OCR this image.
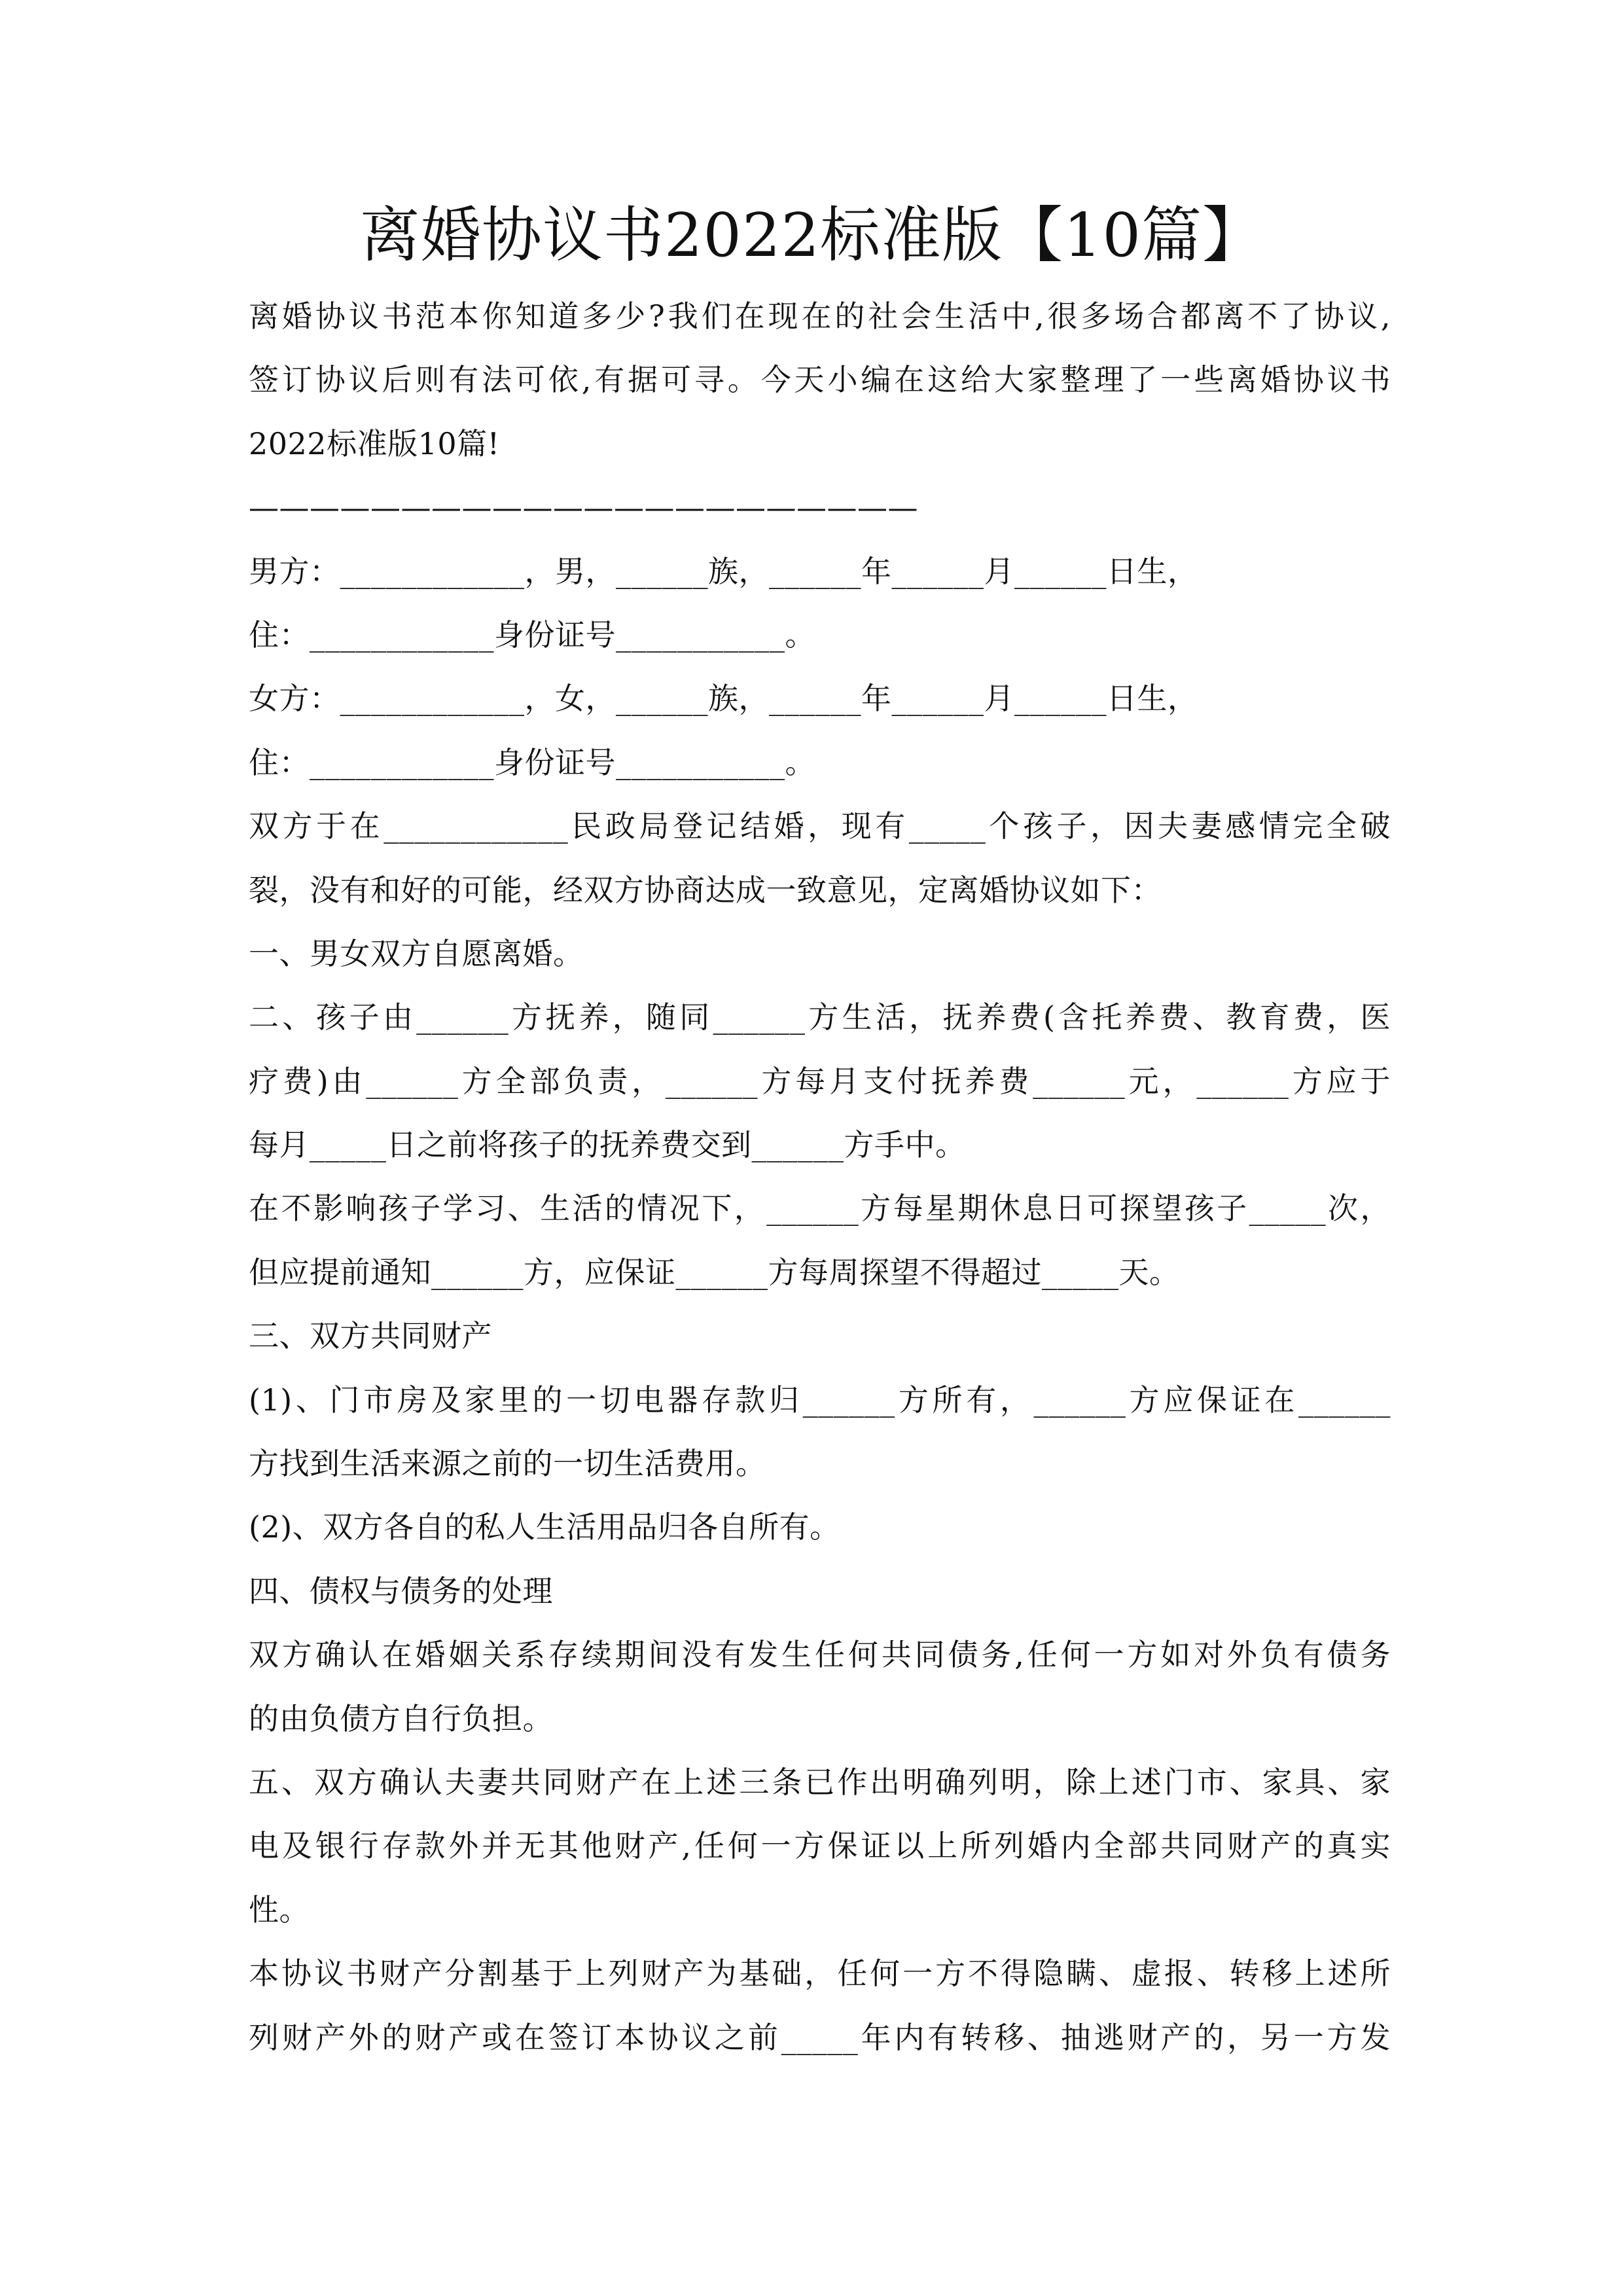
离婚协议书2022标准版【10篇】
离婚协议书范本你知道多少?我们在现在的社会生活中,很多场合都离不了协议,
签订协议后则有法可依,有据可寻。今天小编在这给大家整理了一些离婚协议书
2022标准版10篇!
——————————————————————
男方：____________，男，______族，______年______月______日生，
住：____________身份证号___________。
女方：____________，女，______族，______年______月______日生，
住：____________身份证号___________。
双方于在____________民政局登记结婚，现有_____个孩子，因夫妻感情完全破
裂，没有和好的可能，经双方协商达成一致意见，定离婚协议如下：
一、男女双方自愿离婚。
二、孩子由______方抚养，随同______方生活，抚养费(含托养费、教育费，医
疗费)由______方全部负责，______方每月支付抚养费______元，______方应于
每月_____日之前将孩子的抚养费交到______方手中。
在不影响孩子学习、生活的情况下，______方每星期休息日可探望孩子_____次，
但应提前通知______方，应保证______方每周探望不得超过_____天。
三、双方共同财产
(1)、门市房及家里的一切电器存款归______方所有，______方应保证在______
方找到生活来源之前的一切生活费用。
(2)、双方各自的私人生活用品归各自所有。
四、债权与债务的处理
双方确认在婚姻关系存续期间没有发生任何共同债务,任何一方如对外负有债务
的由负债方自行负担。
五、双方确认夫妻共同财产在上述三条已作出明确列明，除上述门市、家具、家
电及银行存款外并无其他财产,任何一方保证以上所列婚内全部共同财产的真实
性。
本协议书财产分割基于上列财产为基础，任何一方不得隐瞒、虚报、转移上述所
列财产外的财产或在签订本协议之前_____年内有转移、抽逃财产的，另一方发
